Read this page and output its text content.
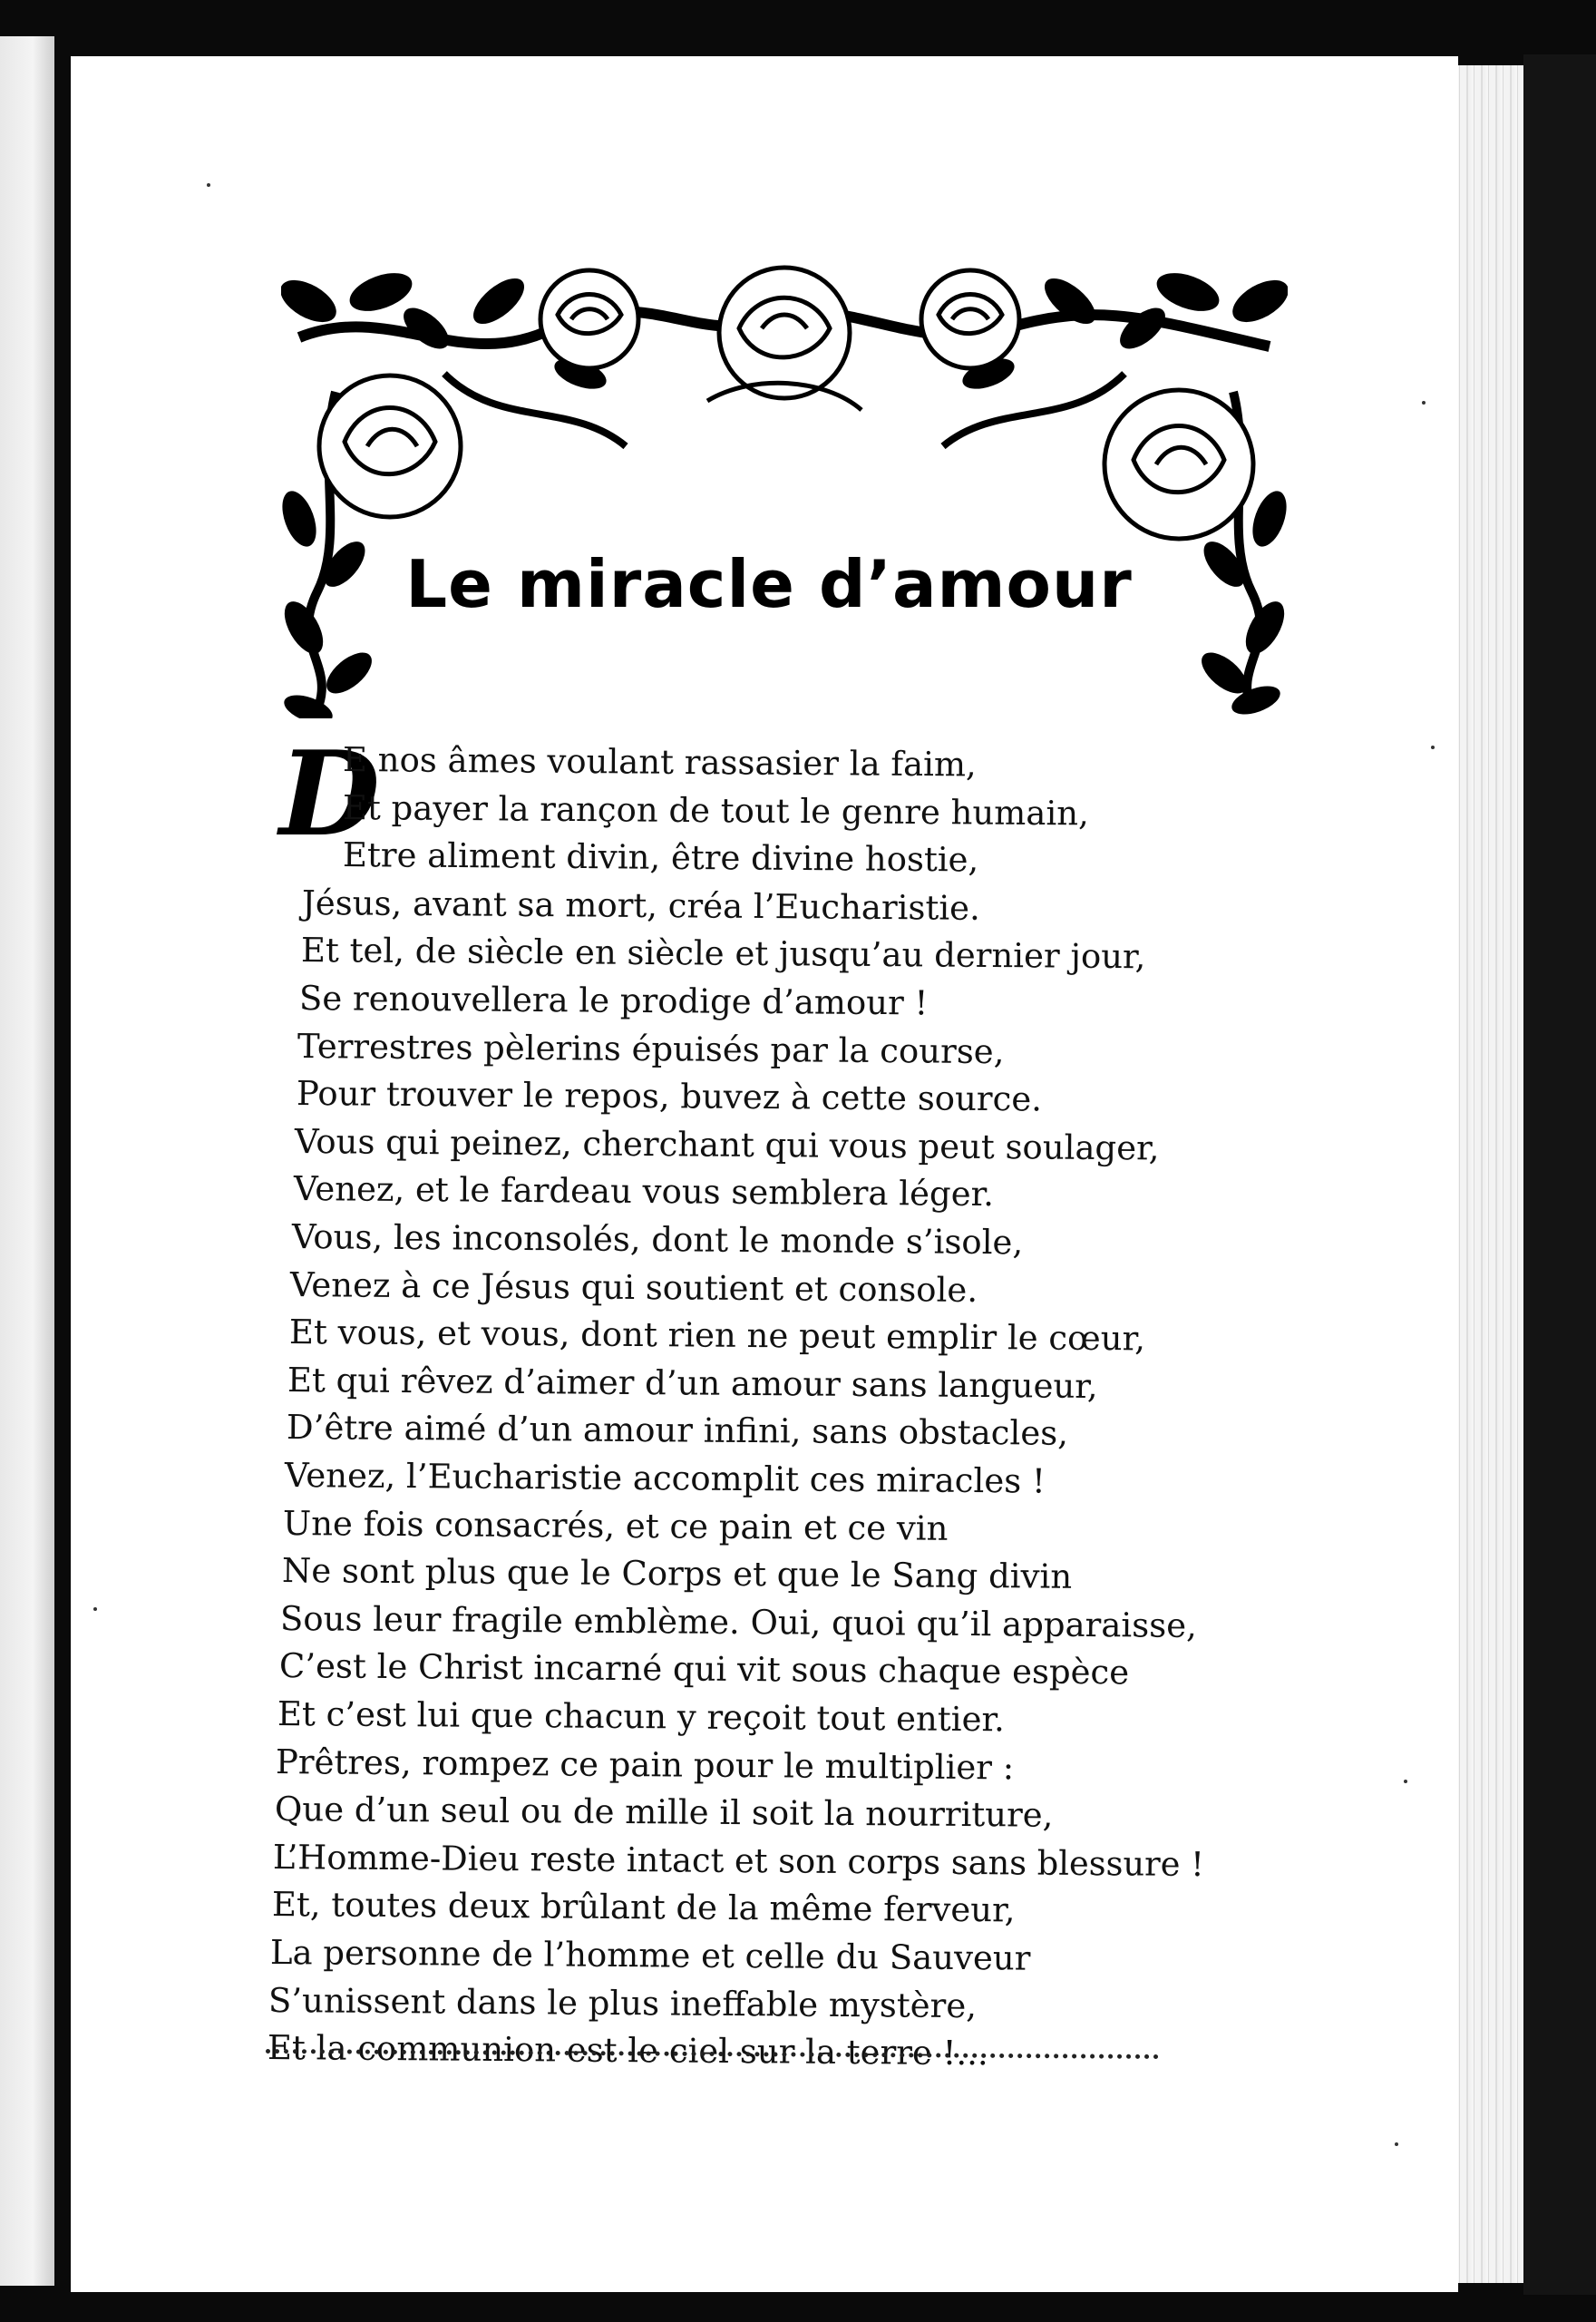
Le miracle d’amour
D
E nos âmes voulant rassasier la faim,
Et payer la rançon de tout le genre humain,
Etre aliment divin, être divine hostie,
Jésus, avant sa mort, créa l’Eucharistie.
Et tel, de siècle en siècle et jusqu’au dernier jour,
Se renouvellera le prodige d’amour !
Terrestres pèlerins épuisés par la course,
Pour trouver le repos, buvez à cette source.
Vous qui peinez, cherchant qui vous peut soulager,
Venez, et le fardeau vous semblera léger.
Vous, les inconsolés, dont le monde s’isole,
Venez à ce Jésus qui soutient et console.
Et vous, et vous, dont rien ne peut emplir le cœur,
Et qui rêvez d’aimer d’un amour sans langueur,
D’être aimé d’un amour infini, sans obstacles,
Venez, l’Eucharistie accomplit ces miracles !
Une fois consacrés, et ce pain et ce vin
Ne sont plus que le Corps et que le Sang divin
Sous leur fragile emblème. Oui, quoi qu’il apparaisse,
C’est le Christ incarné qui vit sous chaque espèce
Et c’est lui que chacun y reçoit tout entier.
Prêtres, rompez ce pain pour le multiplier :
Que d’un seul ou de mille il soit la nourriture,
L’Homme-Dieu reste intact et son corps sans blessure !
Et, toutes deux brûlant de la même ferveur,
La personne de l’homme et celle du Sauveur
S’unissent dans le plus ineffable mystère,
Et la communion est le ciel sur la terre !...
